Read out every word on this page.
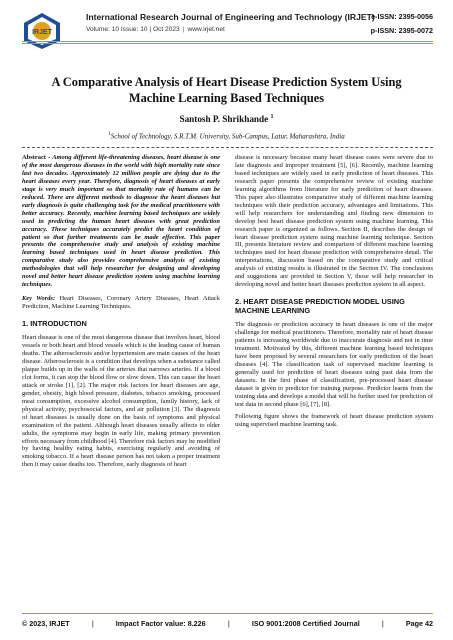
IRJET
International Research Journal of Engineering and Technology (IRJET)
Volume: 10 Issue: 10 | Oct 2023 | www.irjet.net
e-ISSN: 2395-0056
p-ISSN: 2395-0072
A Comparative Analysis of Heart Disease Prediction System Using Machine Learning Based Techniques
Santosh P. Shrikhande $^1$
$^1$School of Technology, S.R.T.M. University, Sub-Campus, Latur, Maharashtra, India

Abstract - Among different life-threatening diseases, heart disease is one of the most dangerous diseases in the world with high mortality rate since last two decades. Approximately 12 million people are dying due to the heart diseases every year. Therefore, diagnosis of heart diseases at early stage is very much important so that mortality rate of humans can be reduced. There are different methods to diagnose the heart diseases but early diagnosis is quite challenging task for the medical practitioners with better accuracy. Recently, machine learning based techniques are widely used in predicting the human heart diseases with great prediction accuracy. These techniques accurately predict the heart condition of patient so that further treatments can be made effective. This paper presents the comprehensive study and analysis of existing machine learning based techniques used in heart disease prediction. This comparative study also provides comprehensive analysis of existing methodologies that will help researcher for designing and developing novel and better heart disease prediction system using machine learning techniques.

Key Words: Heart Diseases, Coronary Artery Diseases, Heart Attack Prediction, Machine Learning Techniques.

1. INTRODUCTION

Heart disease is one of the most dangerous disease that involves heart, blood vessels or both heart and blood vessels which is the leading cause of human deaths. The atherosclerosis and/or hypertension are main causes of the heart disease. Atherosclerosis is a condition that develops when a substance called plaque builds up in the walls of the arteries that narrows arteries. If a blood clot forms, it can stop the blood flow or slow down. This can cause the heart attack or stroke [1], [2]. The major risk factors for heart diseases are age, gender, obesity, high blood pressure, diabetes, tobacco smoking, processed meat consumption, excessive alcohol consumption, family history, lack of physical activity, psychosocial factors, and air pollution [3]. The diagnosis of heart diseases is usually done on the basis of symptoms and physical examination of the patient. Although heart diseases usually affects to older adults, the symptoms may begin in early life, making primary prevention efforts necessary from childhood [4]. Therefore risk factors may be modified by having healthy eating habits, exercising regularly and avoiding of smoking tobacco. If a heart disease person has not taken a proper treatment then it may cause deaths too. Therefore, early diagnosis of heart

disease is necessary because many heart disease cases were severe due to late diagnosis and improper treatment [5], [6]. Recently, machine learning based techniques are widely used in early prediction of heart diseases. This research paper presents the comprehensive review of existing machine learning algorithms from literature for early prediction of heart diseases. This paper also illustrates comparative study of different machine learning techniques with their prediction accuracy, advantages and limitations. This will help researchers for understanding and finding new dimension to develop best heart disease prediction system using machine learning. This research paper is organized as follows. Section II, describes the design of heart disease prediction system using machine learning technique. Section III, presents literature review and comparison of different machine learning techniques used for heart disease prediction with comprehensive detail. The interpretations, discussion based on the comparative study and critical analysis of existing results is illustrated in the Section IV. The conclusions and suggestions are provided in Section V, those will help researcher in developing novel and better heart diseases prediction system in all aspect.

2. HEART DISEASE PREDICTION MODEL USING MACHINE LEARNING

The diagnosis or prediction accuracy in heart diseases is one of the major challenge for medical practitioners. Therefore, mortality rate of heart disease patients is increasing worldwide due to inaccurate diagnosis and not in time treatment. Motivated by this, different machine learning based techniques have been proposed by several researchers for early prediction of the heart diseases [4]. The classification task of supervised machine learning is generally used for prediction of heart diseases using past data from the datasets. In the first phase of classification, pre-processed heart disease dataset is given to predictor for training purpose. Predictor learns from the training data and develops a model that will be further used for prediction of test data in second phase [6], [7], [8].

Following figure shows the framework of heart disease prediction system using supervised machine learning task.

© 2023, IRJET	|	Impact Factor value: 8.226	|	ISO 9001:2008 Certified Journal	|	Page 42
